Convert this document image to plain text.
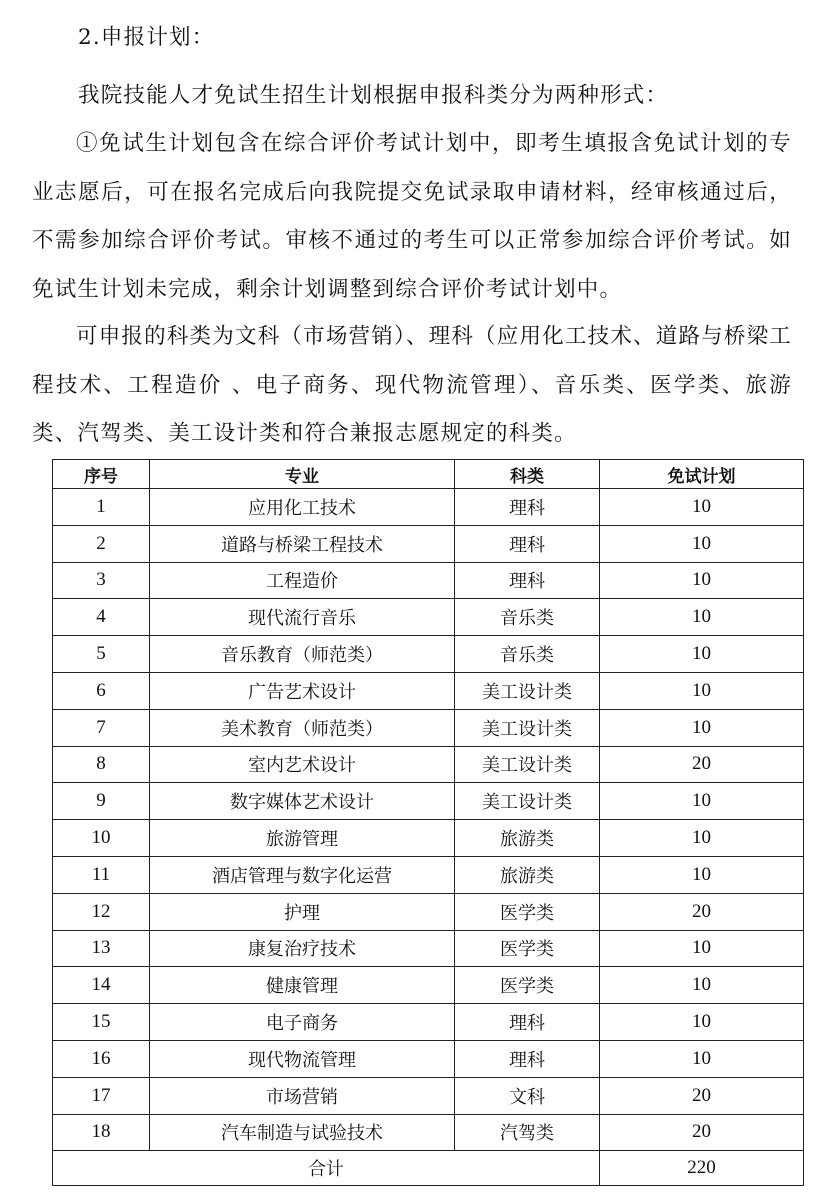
2.申报计划：

我院技能人才免试生招生计划根据申报科类分为两种形式：

①免试生计划包含在综合评价考试计划中，即考生填报含免试计划的专业志愿后，可在报名完成后向我院提交免试录取申请材料，经审核通过后，不需参加综合评价考试。审核不通过的考生可以正常参加综合评价考试。如免试生计划未完成，剩余计划调整到综合评价考试计划中。

可申报的科类为文科（市场营销）、理科（应用化工技术、道路与桥梁工程技术、工程造价 、电子商务、现代物流管理）、音乐类、医学类、旅游类、汽驾类、美工设计类和符合兼报志愿规定的科类。

序号	专业	科类	免试计划
1	应用化工技术	理科	10
2	道路与桥梁工程技术	理科	10
3	工程造价	理科	10
4	现代流行音乐	音乐类	10
5	音乐教育（师范类）	音乐类	10
6	广告艺术设计	美工设计类	10
7	美术教育（师范类）	美工设计类	10
8	室内艺术设计	美工设计类	20
9	数字媒体艺术设计	美工设计类	10
10	旅游管理	旅游类	10
11	酒店管理与数字化运营	旅游类	10
12	护理	医学类	20
13	康复治疗技术	医学类	10
14	健康管理	医学类	10
15	电子商务	理科	10
16	现代物流管理	理科	10
17	市场营销	文科	20
18	汽车制造与试验技术	汽驾类	20
合计			220
